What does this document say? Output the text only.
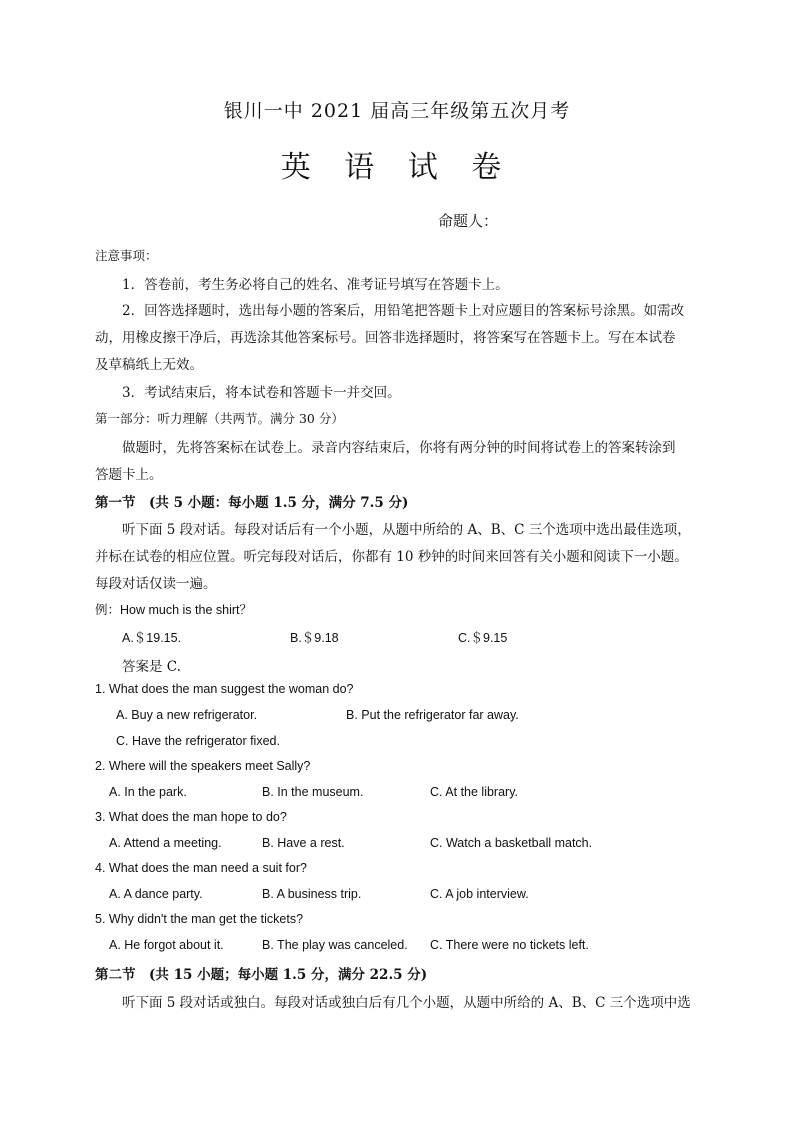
银川一中 2021 届高三年级第五次月考
英 语 试 卷
命题人：
注意事项：
1．答卷前，考生务必将自己的姓名、准考证号填写在答题卡上。
2．回答选择题时，选出每小题的答案后，用铅笔把答题卡上对应题目的答案标号涂黑。如需改
动，用橡皮擦干净后，再选涂其他答案标号。回答非选择题时，将答案写在答题卡上。写在本试卷
及草稿纸上无效。
3．考试结束后，将本试卷和答题卡一并交回。
第一部分：听力理解（共两节。满分 30 分）
做题时，先将答案标在试卷上。录音内容结束后，你将有两分钟的时间将试卷上的答案转涂到
答题卡上。
第一节　(共 5 小题：每小题 1.5 分，满分 7.5 分)
听下面 5 段对话。每段对话后有一个小题，从题中所给的 A、B、C 三个选项中选出最佳选项，
并标在试卷的相应位置。听完每段对话后，你都有 10 秒钟的时间来回答有关小题和阅读下一小题。
每段对话仅读一遍。
例：How much is the shirt？
A.＄19.15.	B.＄9.18	C.＄9.15
答案是 C.
1. What does the man suggest the woman do?
A. Buy a new refrigerator.	B. Put the refrigerator far away.
C. Have the refrigerator fixed.
2. Where will the speakers meet Sally?
A. In the park.	B. In the museum.	C. At the library.
3. What does the man hope to do?
A. Attend a meeting.	B. Have a rest.	C. Watch a basketball match.
4. What does the man need a suit for?
A. A dance party.	B. A business trip.	C. A job interview.
5. Why didn't the man get the tickets?
A. He forgot about it.	B. The play was canceled. C. There were no tickets left.
第二节　(共 15 小题；每小题 1.5 分，满分 22.5 分)
听下面 5 段对话或独白。每段对话或独白后有几个小题，从题中所给的 A、B、C 三个选项中选
